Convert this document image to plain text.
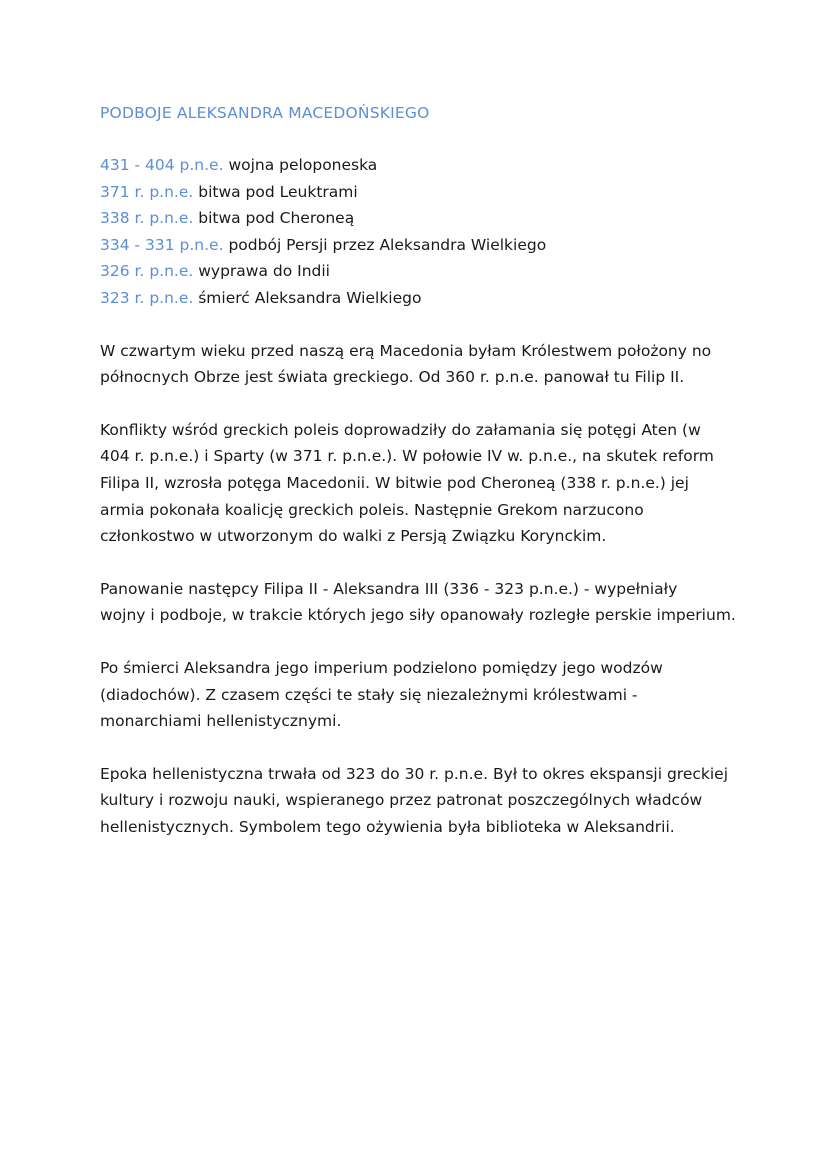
PODBOJE ALEKSANDRA MACEDOŃSKIEGO
431 - 404 p.n.e. wojna peloponeska
371 r. p.n.e. bitwa pod Leuktrami
338 r. p.n.e. bitwa pod Cheroneą
334 - 331 p.n.e. podbój Persji przez Aleksandra Wielkiego
326 r. p.n.e. wyprawa do Indii
323 r. p.n.e. śmierć Aleksandra Wielkiego

W czwartym wieku przed naszą erą Macedonia byłam Królestwem położony no
północnych Obrze jest świata greckiego. Od 360 r. p.n.e. panował tu Filip II.

Konflikty wśród greckich poleis doprowadziły do załamania się potęgi Aten (w
404 r. p.n.e.) i Sparty (w 371 r. p.n.e.). W połowie IV w. p.n.e., na skutek reform
Filipa II, wzrosła potęga Macedonii. W bitwie pod Cheroneą (338 r. p.n.e.) jej
armia pokonała koalicję greckich poleis. Następnie Grekom narzucono
członkostwo w utworzonym do walki z Persją Związku Korynckim.

Panowanie następcy Filipa II - Aleksandra III (336 - 323 p.n.e.) - wypełniały
wojny i podboje, w trakcie których jego siły opanowały rozległe perskie imperium.

Po śmierci Aleksandra jego imperium podzielono pomiędzy jego wodzów
(diadochów). Z czasem części te stały się niezależnymi królestwami -
monarchiami hellenistycznymi.

Epoka hellenistyczna trwała od 323 do 30 r. p.n.e. Był to okres ekspansji greckiej
kultury i rozwoju nauki, wspieranego przez patronat poszczególnych władców
hellenistycznych. Symbolem tego ożywienia była biblioteka w Aleksandrii.
